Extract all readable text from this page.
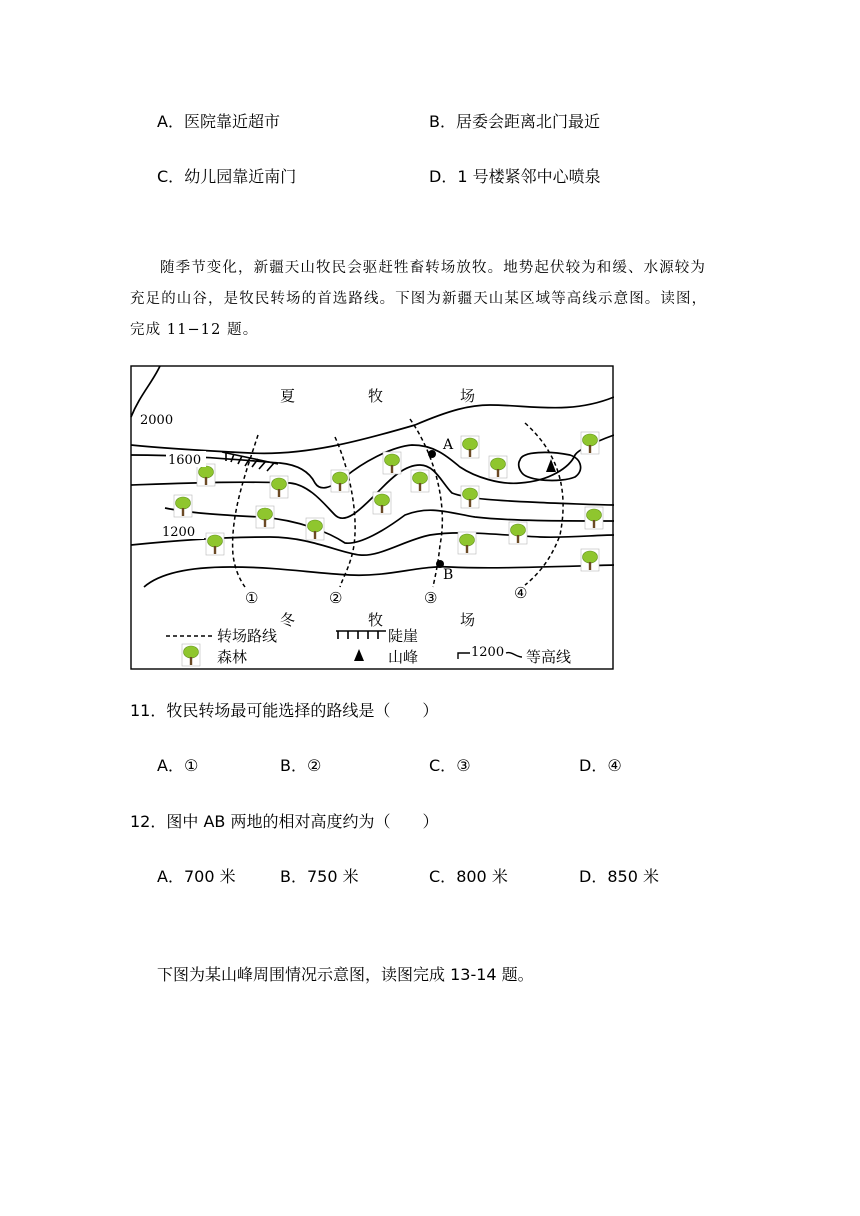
A．医院靠近超市	B．居委会距离北门最近
C．幼儿园靠近南门	D．1 号楼紧邻中心喷泉
随季节变化，新疆天山牧民会驱赶牲畜转场放牧。地势起伏较为和缓、水源较为
充足的山谷，是牧民转场的首选路线。下图为新疆天山某区域等高线示意图。读图，
完成 11−12 题。
夏	牧	场
冬	牧	场
2000
1600
1200
A
B
①	②	③	④
转场路线
森林
陡崖
山峰	1200 等高线
11．牧民转场最可能选择的路线是（　　）
A．①	B．②	C．③	D．④
12．图中 AB 两地的相对高度约为（　　）
A．700 米	B．750 米	C．800 米	D．850 米
下图为某山峰周围情况示意图，读图完成 13-14 题。
